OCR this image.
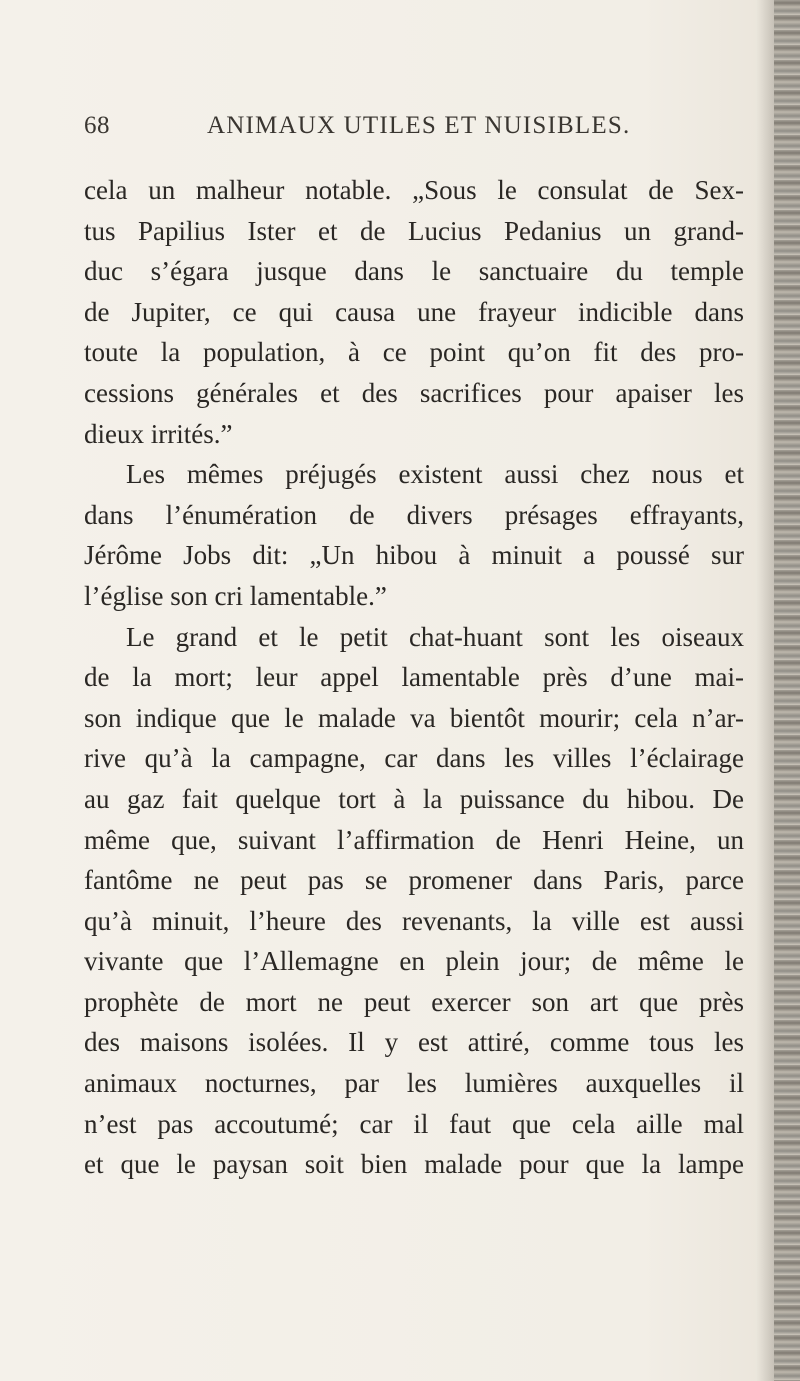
68	ANIMAUX UTILES ET NUISIBLES.
cela un malheur notable. „Sous le consulat de Sex-
tus Papilius Ister et de Lucius Pedanius un grand-
duc s’égara jusque dans le sanctuaire du temple
de Jupiter, ce qui causa une frayeur indicible dans
toute la population, à ce point qu’on fit des pro-
cessions générales et des sacrifices pour apaiser les
dieux irrités.”
Les mêmes préjugés existent aussi chez nous et
dans l’énumération de divers présages effrayants,
Jérôme Jobs dit: „Un hibou à minuit a poussé sur
l’église son cri lamentable.”
Le grand et le petit chat-huant sont les oiseaux
de la mort; leur appel lamentable près d’une mai-
son indique que le malade va bientôt mourir; cela n’ar-
rive qu’à la campagne, car dans les villes l’éclairage
au gaz fait quelque tort à la puissance du hibou. De
même que, suivant l’affirmation de Henri Heine, un
fantôme ne peut pas se promener dans Paris, parce
qu’à minuit, l’heure des revenants, la ville est aussi
vivante que l’Allemagne en plein jour; de même le
prophète de mort ne peut exercer son art que près
des maisons isolées. Il y est attiré, comme tous les
animaux nocturnes, par les lumières auxquelles il
n’est pas accoutumé; car il faut que cela aille mal
et que le paysan soit bien malade pour que la lampe
